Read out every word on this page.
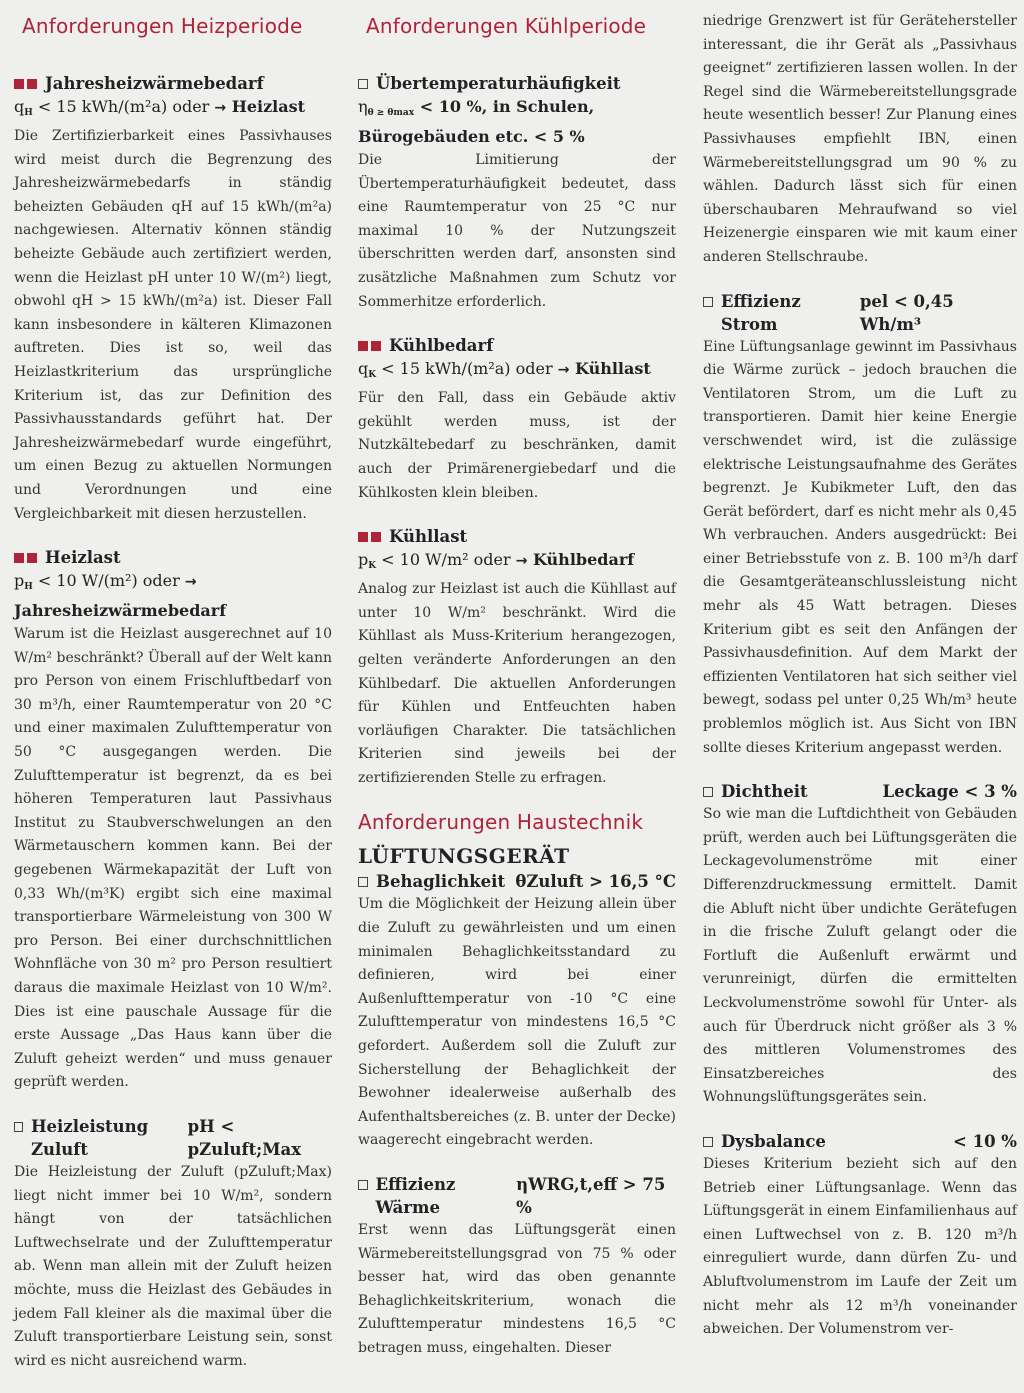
Anforderungen Heizperiode
Jahresheizwärmebedarf
$q_H < 15$ kWh/(m²a) oder → Heizlast
Die Zertifizierbarkeit eines Passivhauses wird meist durch die Begrenzung des Jahresheizwärmebedarfs in ständig beheizten Gebäuden qH auf 15 kWh/(m²a) nachgewiesen. Alternativ können ständig beheizte Gebäude auch zertifiziert werden, wenn die Heizlast pH unter 10 W/(m²) liegt, obwohl qH > 15 kWh/(m²a) ist. Dieser Fall kann insbesondere in kälteren Klimazonen auftreten. Dies ist so, weil das Heizlastkriterium das ursprüngliche Kriterium ist, das zur Definition des Passivhausstandards geführt hat. Der Jahresheizwärmebedarf wurde eingeführt, um einen Bezug zu aktuellen Normungen und Verordnungen und eine Vergleichbarkeit mit diesen herzustellen.
Heizlast
$p_H < 10$ W/(m²) oder → Jahresheizwärmebedarf
Warum ist die Heizlast ausgerechnet auf 10 W/m² beschränkt? Überall auf der Welt kann pro Person von einem Frischluftbedarf von 30 m³/h, einer Raumtemperatur von 20 °C und einer maximalen Zulufttemperatur von 50 °C ausgegangen werden. Die Zulufttemperatur ist begrenzt, da es bei höheren Temperaturen laut Passivhaus Institut zu Staubverschwelungen an den Wärmetauschern kommen kann. Bei der gegebenen Wärmekapazität der Luft von 0,33 Wh/(m³K) ergibt sich eine maximal transportierbare Wärmeleistung von 300 W pro Person. Bei einer durchschnittlichen Wohnfläche von 30 m² pro Person resultiert daraus die maximale Heizlast von 10 W/m². Dies ist eine pauschale Aussage für die erste Aussage „Das Haus kann über die Zuluft geheizt werden“ und muss genauer geprüft werden.
Heizleistung Zuluft
pH < pZuluft;Max
Die Heizleistung der Zuluft (pZuluft;Max) liegt nicht immer bei 10 W/m², sondern hängt von der tatsächlichen Luftwechselrate und der Zulufttemperatur ab. Wenn man allein mit der Zuluft heizen möchte, muss die Heizlast des Gebäudes in jedem Fall kleiner als die maximal über die Zuluft transportierbare Leistung sein, sonst wird es nicht ausreichend warm.
Anforderungen Kühlperiode
Übertemperaturhäufigkeit
$\eta_{\theta \ge \theta max} < 10$ %, in Schulen, Bürogebäuden etc. < 5 %
Die Limitierung der Übertemperaturhäufigkeit bedeutet, dass eine Raumtemperatur von 25 °C nur maximal 10 % der Nutzungszeit überschritten werden darf, ansonsten sind zusätzliche Maßnahmen zum Schutz vor Sommerhitze erforderlich.
Kühlbedarf
$q_K < 15$ kWh/(m²a) oder → Kühllast
Für den Fall, dass ein Gebäude aktiv gekühlt werden muss, ist der Nutzkältebedarf zu beschränken, damit auch der Primärenergiebedarf und die Kühlkosten klein bleiben.
Kühllast
$p_K < 10$ W/m² oder → Kühlbedarf
Analog zur Heizlast ist auch die Kühllast auf unter 10 W/m² beschränkt. Wird die Kühllast als Muss-Kriterium herangezogen, gelten veränderte Anforderungen an den Kühlbedarf. Die aktuellen Anforderungen für Kühlen und Entfeuchten haben vorläufigen Charakter. Die tatsächlichen Kriterien sind jeweils bei der zertifizierenden Stelle zu erfragen.
Anforderungen Haustechnik
LÜFTUNGSGERÄT
Behaglichkeit θZuluft > 16,5 °C
Um die Möglichkeit der Heizung allein über die Zuluft zu gewährleisten und um einen minimalen Behaglichkeitsstandard zu definieren, wird bei einer Außenlufttemperatur von -10 °C eine Zulufttemperatur von mindestens 16,5 °C gefordert. Außerdem soll die Zuluft zur Sicherstellung der Behaglichkeit der Bewohner idealerweise außerhalb des Aufenthaltsbereiches (z. B. unter der Decke) waagerecht eingebracht werden.
Effizienz Wärme
ηWRG,t,eff > 75 %
Erst wenn das Lüftungsgerät einen Wärmebereitstellungsgrad von 75 % oder besser hat, wird das oben genannte Behaglichkeitskriterium, wonach die Zulufttemperatur mindestens 16,5 °C betragen muss, eingehalten. Dieser
niedrige Grenzwert ist für Gerätehersteller interessant, die ihr Gerät als „Passivhaus geeignet“ zertifizieren lassen wollen. In der Regel sind die Wärmebereitstellungsgrade heute wesentlich besser! Zur Planung eines Passivhauses empfiehlt IBN, einen Wärmebereitstellungsgrad um 90 % zu wählen. Dadurch lässt sich für einen überschaubaren Mehraufwand so viel Heizenergie einsparen wie mit kaum einer anderen Stellschraube.
Effizienz Strom
pel < 0,45 Wh/m³
Eine Lüftungsanlage gewinnt im Passivhaus die Wärme zurück – jedoch brauchen die Ventilatoren Strom, um die Luft zu transportieren. Damit hier keine Energie verschwendet wird, ist die zulässige elektrische Leistungsaufnahme des Gerätes begrenzt. Je Kubikmeter Luft, den das Gerät befördert, darf es nicht mehr als 0,45 Wh verbrauchen. Anders ausgedrückt: Bei einer Betriebsstufe von z. B. 100 m³/h darf die Gesamtgeräteanschlussleistung nicht mehr als 45 Watt betragen. Dieses Kriterium gibt es seit den Anfängen der Passivhausdefinition. Auf dem Markt der effizienten Ventilatoren hat sich seither viel bewegt, sodass pel unter 0,25 Wh/m³ heute problemlos möglich ist. Aus Sicht von IBN sollte dieses Kriterium angepasst werden.
Dichtheit	Leckage < 3 %
So wie man die Luftdichtheit von Gebäuden prüft, werden auch bei Lüftungsgeräten die Leckagevolumenströme mit einer Differenzdruckmessung ermittelt. Damit die Abluft nicht über undichte Gerätefugen in die frische Zuluft gelangt oder die Fortluft die Außenluft erwärmt und verunreinigt, dürfen die ermittelten Leckvolumenströme sowohl für Unter- als auch für Überdruck nicht größer als 3 % des mittleren Volumenstromes des Einsatzbereiches des Wohnungslüftungsgerätes sein.
Dysbalance	< 10 %
Dieses Kriterium bezieht sich auf den Betrieb einer Lüftungsanlage. Wenn das Lüftungsgerät in einem Einfamilienhaus auf einen Luftwechsel von z. B. 120 m³/h einreguliert wurde, dann dürfen Zu- und Abluftvolumenstrom im Laufe der Zeit um nicht mehr als 12 m³/h voneinander abweichen. Der Volumenstrom ver-
